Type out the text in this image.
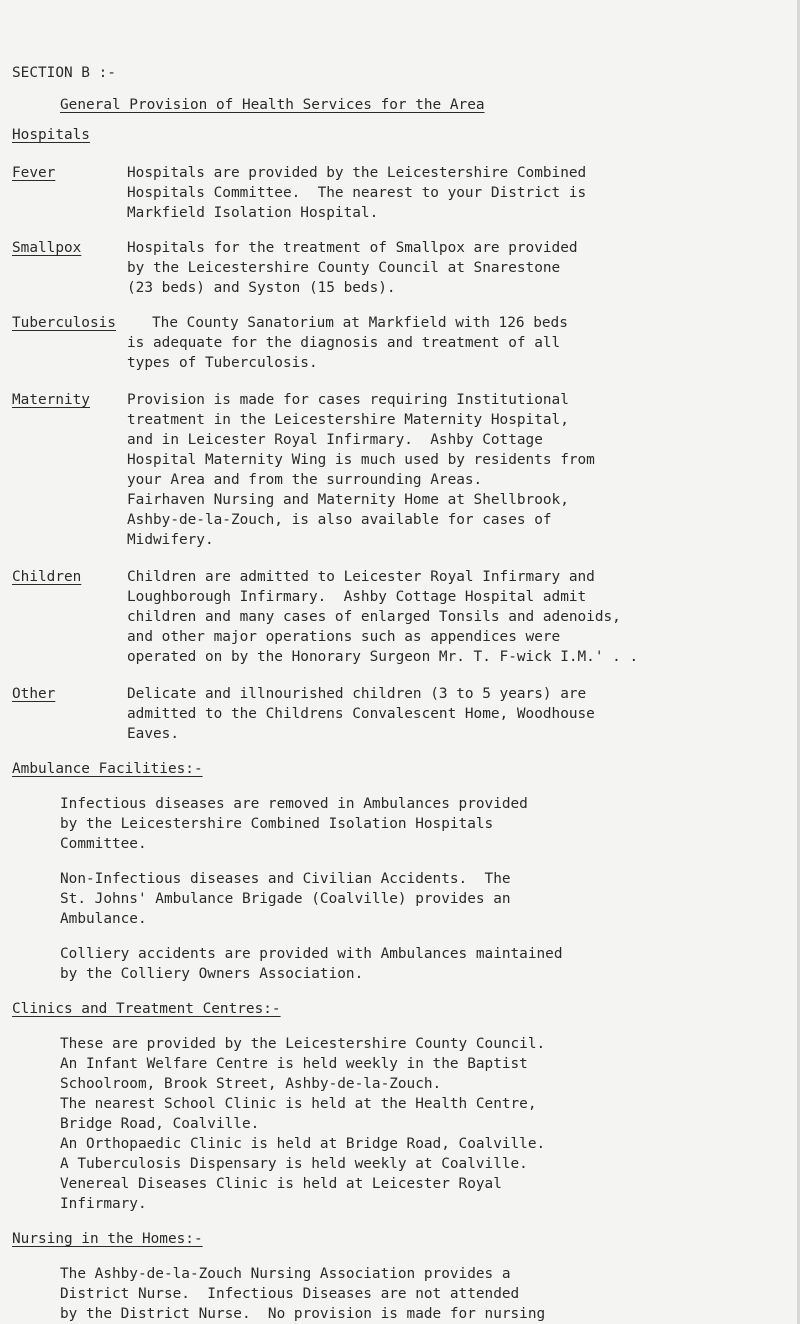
SECTION B :-
General Provision of Health Services for the Area
Hospitals
Fever	Hospitals are provided by the Leicestershire Combined
Hospitals Committee.  The nearest to your District is
Markfield Isolation Hospital.
Smallpox	Hospitals for the treatment of Smallpox are provided
by the Leicestershire County Council at Snarestone
(23 beds) and Syston (15 beds).
Tuberculosis	The County Sanatorium at Markfield with 126 beds
is adequate for the diagnosis and treatment of all
types of Tuberculosis.
Maternity	Provision is made for cases requiring Institutional
treatment in the Leicestershire Maternity Hospital,
and in Leicester Royal Infirmary.  Ashby Cottage
Hospital Maternity Wing is much used by residents from
your Area and from the surrounding Areas.
Fairhaven Nursing and Maternity Home at Shellbrook,
Ashby-de-la-Zouch, is also available for cases of
Midwifery.
Children	Children are admitted to Leicester Royal Infirmary and
Loughborough Infirmary.  Ashby Cottage Hospital admit
children and many cases of enlarged Tonsils and adenoids,
and other major operations such as appendices were
operated on by the Honorary Surgeon Mr. T. F-wick I.M.' . .
Other	Delicate and illnourished children (3 to 5 years) are
admitted to the Childrens Convalescent Home, Woodhouse
Eaves.
Ambulance Facilities:-
Infectious diseases are removed in Ambulances provided
by the Leicestershire Combined Isolation Hospitals
Committee.
Non-Infectious diseases and Civilian Accidents.  The
St. Johns' Ambulance Brigade (Coalville) provides an
Ambulance.
Colliery accidents are provided with Ambulances maintained
by the Colliery Owners Association.
Clinics and Treatment Centres:-
These are provided by the Leicestershire County Council.
An Infant Welfare Centre is held weekly in the Baptist
Schoolroom, Brook Street, Ashby-de-la-Zouch.
The nearest School Clinic is held at the Health Centre,
Bridge Road, Coalville.
An Orthopaedic Clinic is held at Bridge Road, Coalville.
A Tuberculosis Dispensary is held weekly at Coalville.
Venereal Diseases Clinic is held at Leicester Royal
Infirmary.
Nursing in the Homes:-
The Ashby-de-la-Zouch Nursing Association provides a
District Nurse.  Infectious Diseases are not attended
by the District Nurse.  No provision is made for nursing
